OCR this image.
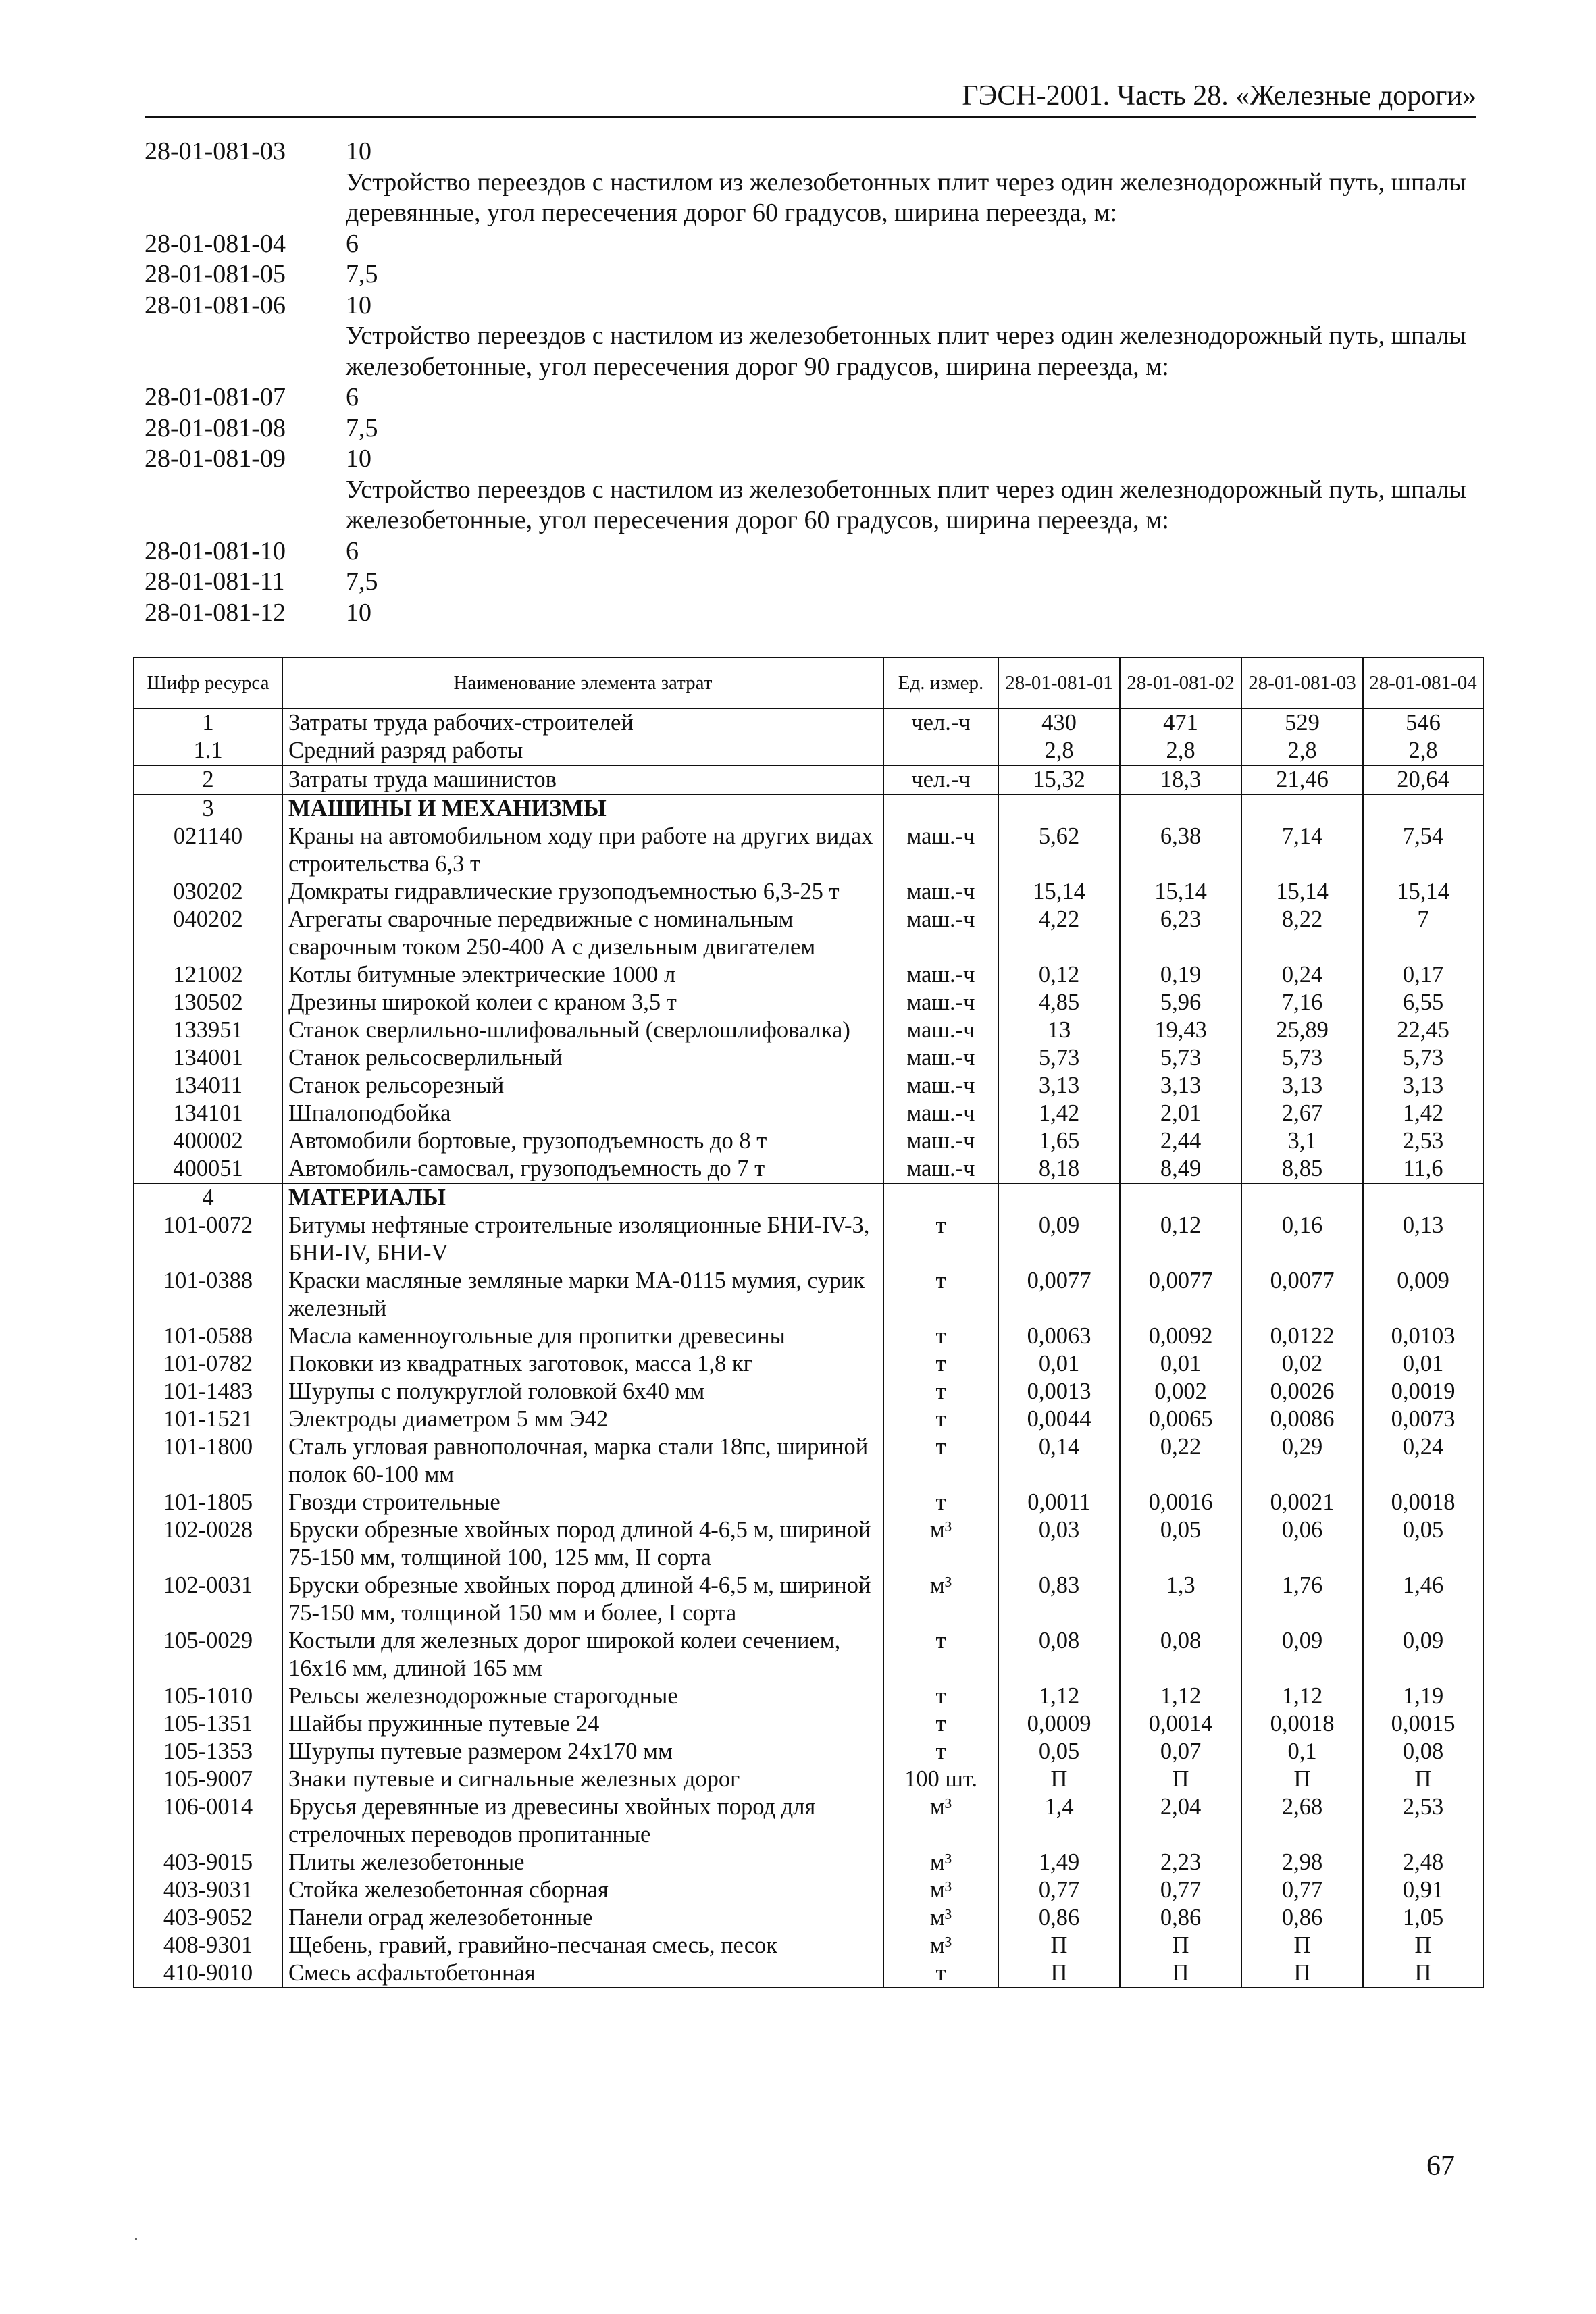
ГЭСН-2001. Часть 28. «Железные дороги»
28-01-081-03	10
Устройство переездов с настилом из железобетонных плит через один железнодорожный путь, шпалы деревянные, угол пересечения дорог 60 градусов, ширина переезда, м:
28-01-081-04	6
28-01-081-05	7,5
28-01-081-06	10
Устройство переездов с настилом из железобетонных плит через один железнодорожный путь, шпалы железобетонные, угол пересечения дорог 90 градусов, ширина переезда, м:
28-01-081-07	6
28-01-081-08	7,5
28-01-081-09	10
Устройство переездов с настилом из железобетонных плит через один железнодорожный путь, шпалы железобетонные, угол пересечения дорог 60 градусов, ширина переезда, м:
28-01-081-10	6
28-01-081-11	7,5
28-01-081-12	10
Шифр ресурса	Наименование элемента затрат	Ед. измер.	28-01-081-01	28-01-081-02	28-01-081-03	28-01-081-04
1	Затраты труда рабочих-строителей	чел.-ч	430	471	529	546
1.1	Средний разряд работы		2,8	2,8	2,8	2,8
2	Затраты труда машинистов	чел.-ч	15,32	18,3	21,46	20,64
3	МАШИНЫ И МЕХАНИЗМЫ					
021140	Краны на автомобильном ходу при работе на других видах строительства 6,3 т	маш.-ч	5,62	6,38	7,14	7,54
030202	Домкраты гидравлические грузоподъемностью 6,3-25 т	маш.-ч	15,14	15,14	15,14	15,14
040202	Агрегаты сварочные передвижные с номинальным сварочным током 250-400 А с дизельным двигателем	маш.-ч	4,22	6,23	8,22	7
121002	Котлы битумные электрические 1000 л	маш.-ч	0,12	0,19	0,24	0,17
130502	Дрезины широкой колеи с краном 3,5 т	маш.-ч	4,85	5,96	7,16	6,55
133951	Станок сверлильно-шлифовальный (сверлошлифовалка)	маш.-ч	13	19,43	25,89	22,45
134001	Станок рельсосверлильный	маш.-ч	5,73	5,73	5,73	5,73
134011	Станок рельсорезный	маш.-ч	3,13	3,13	3,13	3,13
134101	Шпалоподбойка	маш.-ч	1,42	2,01	2,67	1,42
400002	Автомобили бортовые, грузоподъемность до 8 т	маш.-ч	1,65	2,44	3,1	2,53
400051	Автомобиль-самосвал, грузоподъемность до 7 т	маш.-ч	8,18	8,49	8,85	11,6
4	МАТЕРИАЛЫ					
101-0072	Битумы нефтяные строительные изоляционные БНИ-IV-3, БНИ-IV, БНИ-V	т	0,09	0,12	0,16	0,13
101-0388	Краски масляные земляные марки МА-0115 мумия, сурик железный	т	0,0077	0,0077	0,0077	0,009
101-0588	Масла каменноугольные для пропитки древесины	т	0,0063	0,0092	0,0122	0,0103
101-0782	Поковки из квадратных заготовок, масса 1,8 кг	т	0,01	0,01	0,02	0,01
101-1483	Шурупы с полукруглой головкой 6х40 мм	т	0,0013	0,002	0,0026	0,0019
101-1521	Электроды диаметром 5 мм Э42	т	0,0044	0,0065	0,0086	0,0073
101-1800	Сталь угловая равнополочная, марка стали 18пс, шириной полок 60-100 мм	т	0,14	0,22	0,29	0,24
101-1805	Гвозди строительные	т	0,0011	0,0016	0,0021	0,0018
102-0028	Бруски обрезные хвойных пород длиной 4-6,5 м, шириной 75-150 мм, толщиной 100, 125 мм, II сорта	м³	0,03	0,05	0,06	0,05
102-0031	Бруски обрезные хвойных пород длиной 4-6,5 м, шириной 75-150 мм, толщиной 150 мм и более, I сорта	м³	0,83	1,3	1,76	1,46
105-0029	Костыли для железных дорог широкой колеи сечением, 16х16 мм, длиной 165 мм	т	0,08	0,08	0,09	0,09
105-1010	Рельсы железнодорожные старогодные	т	1,12	1,12	1,12	1,19
105-1351	Шайбы пружинные путевые 24	т	0,0009	0,0014	0,0018	0,0015
105-1353	Шурупы путевые размером 24х170 мм	т	0,05	0,07	0,1	0,08
105-9007	Знаки путевые и сигнальные железных дорог	100 шт.	П	П	П	П
106-0014	Брусья деревянные из древесины хвойных пород для стрелочных переводов пропитанные	м³	1,4	2,04	2,68	2,53
403-9015	Плиты железобетонные	м³	1,49	2,23	2,98	2,48
403-9031	Стойка железобетонная сборная	м³	0,77	0,77	0,77	0,91
403-9052	Панели оград железобетонные	м³	0,86	0,86	0,86	1,05
408-9301	Щебень, гравий, гравийно-песчаная смесь, песок	м³	П	П	П	П
410-9010	Смесь асфальтобетонная	т	П	П	П	П
67
